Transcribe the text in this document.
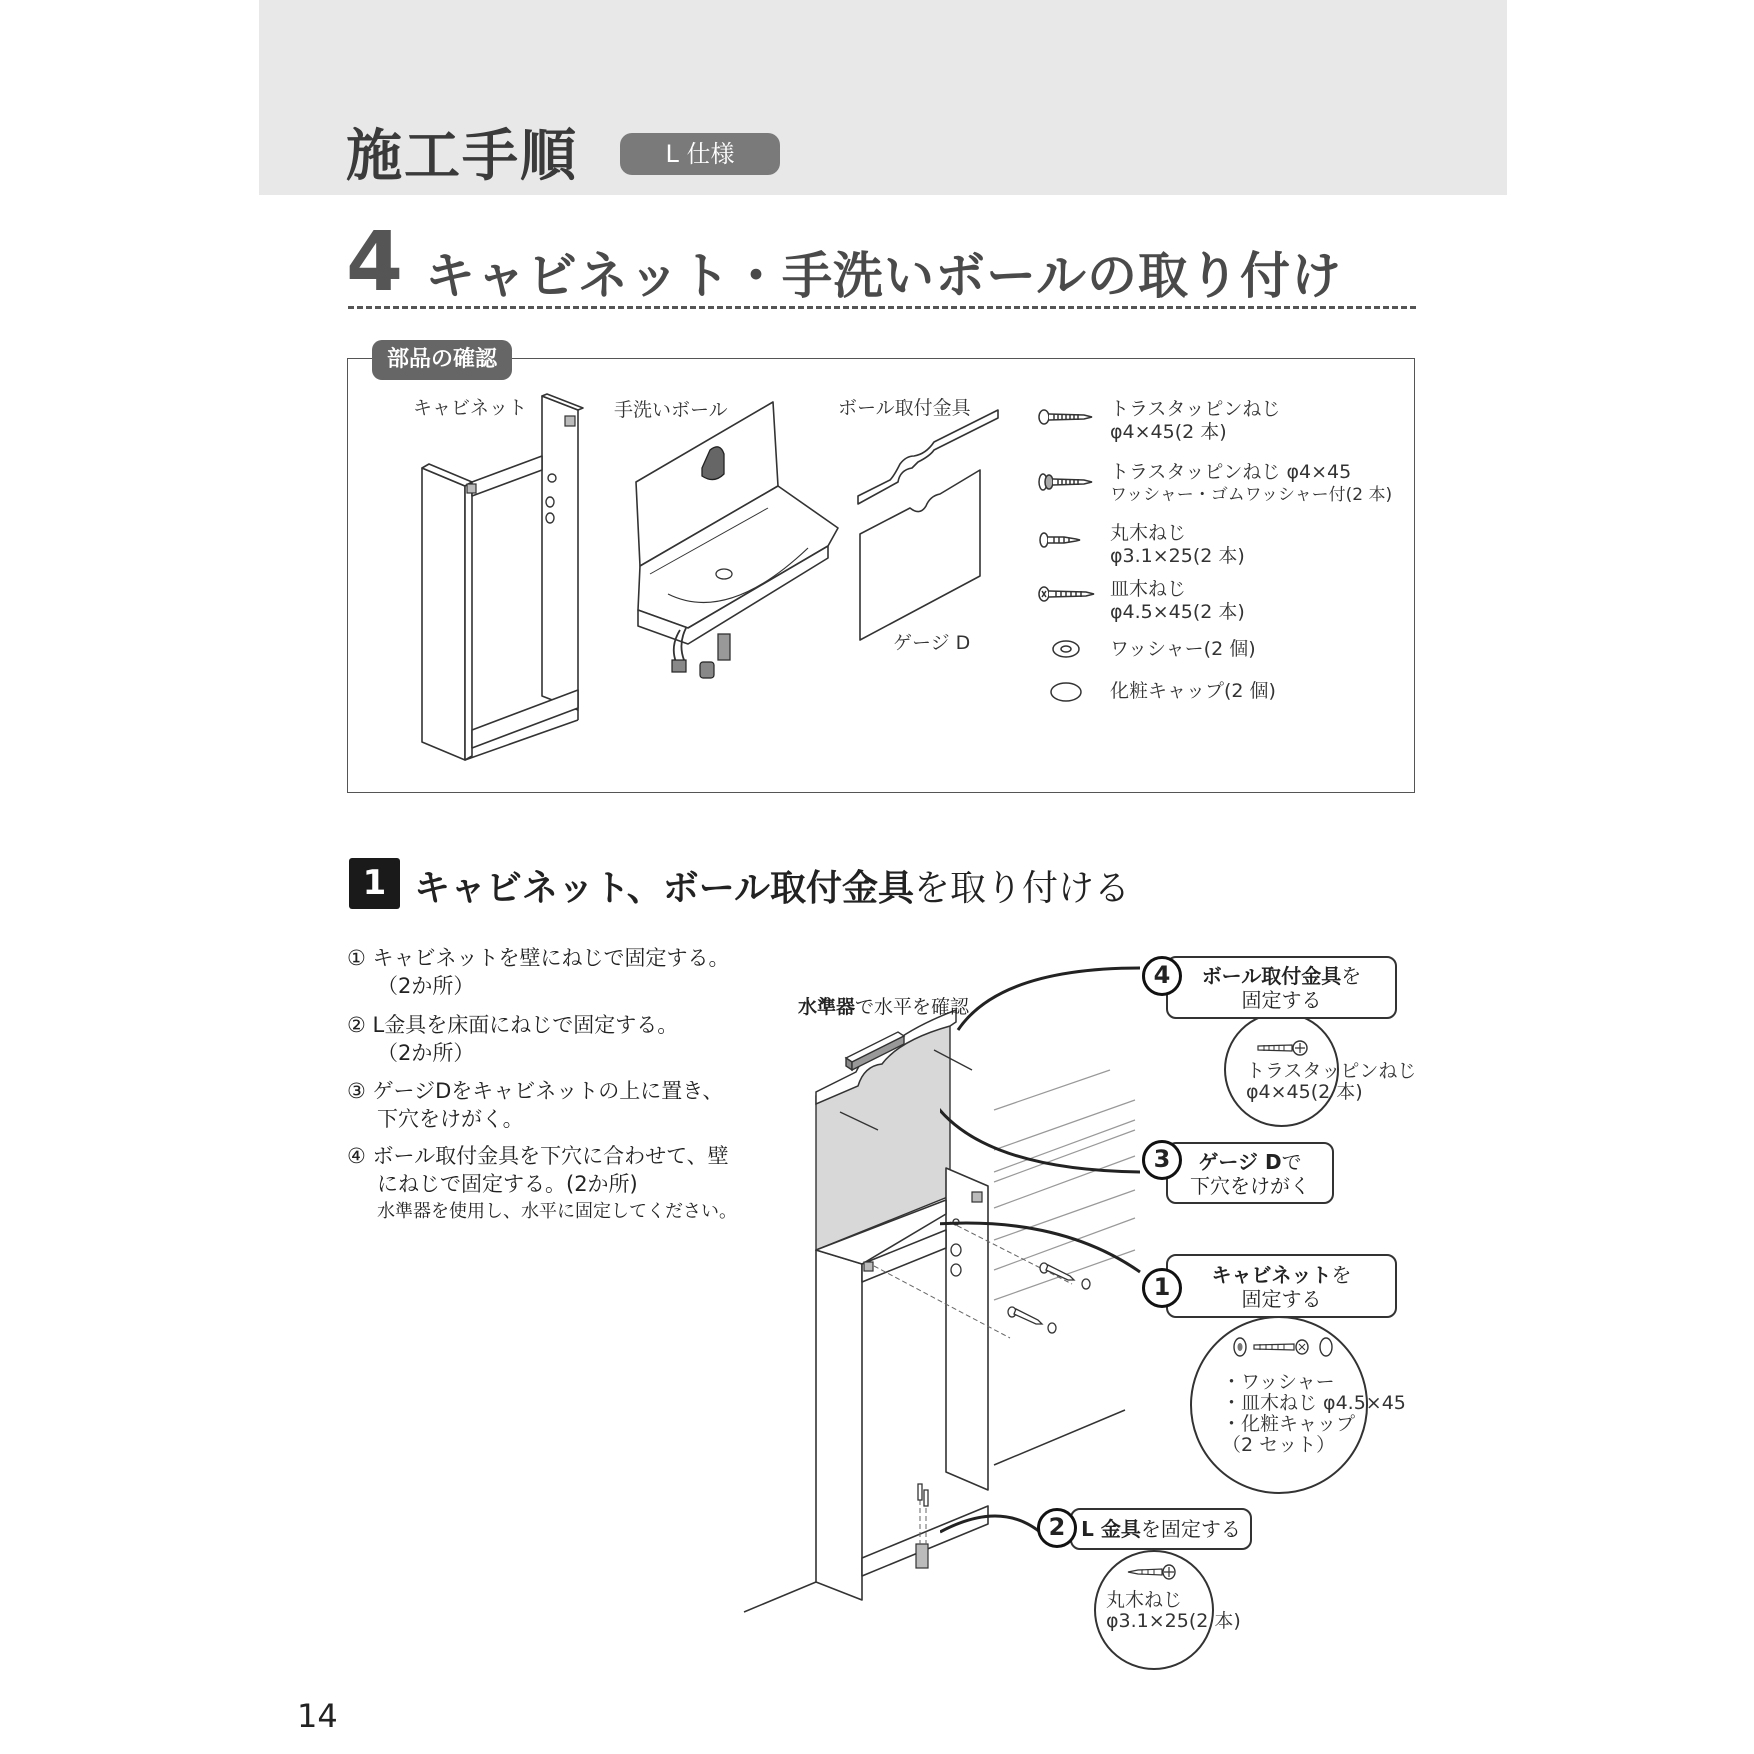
施工手順	L 仕様
4 キャビネット・手洗いボールの取り付け
部品の確認
キャビネット	手洗いボール	ボール取付金具
ゲージ D
トラスタッピンねじ
φ4×45(2 本)
トラスタッピンねじ φ4×45
ワッシャー・ゴムワッシャー付(2 本)
丸木ねじ
φ3.1×25(2 本)
皿木ねじ
φ4.5×45(2 本)
ワッシャー(2 個)
化粧キャップ(2 個)
1 キャビネット、ボール取付金具を取り付ける
① キャビネットを壁にねじで固定する。
（2か所）
② L金具を床面にねじで固定する。
（2か所）
③ ゲージDをキャビネットの上に置き、
下穴をけがく。
④ ボール取付金具を下穴に合わせて、壁
にねじで固定する。(2か所)
水準器を使用し、水平に固定してください。
水準器で水平を確認
ボール取付金具を
固定する
4
トラスタッピンねじ
φ4×45(2 本)
ゲージ Dで
下穴をけがく
3
キャビネットを
固定する
1
・ワッシャー
・皿木ねじ φ4.5×45
・化粧キャップ
（2 セット）
L 金具を固定する
2
丸木ねじ
φ3.1×25(2 本)
14
